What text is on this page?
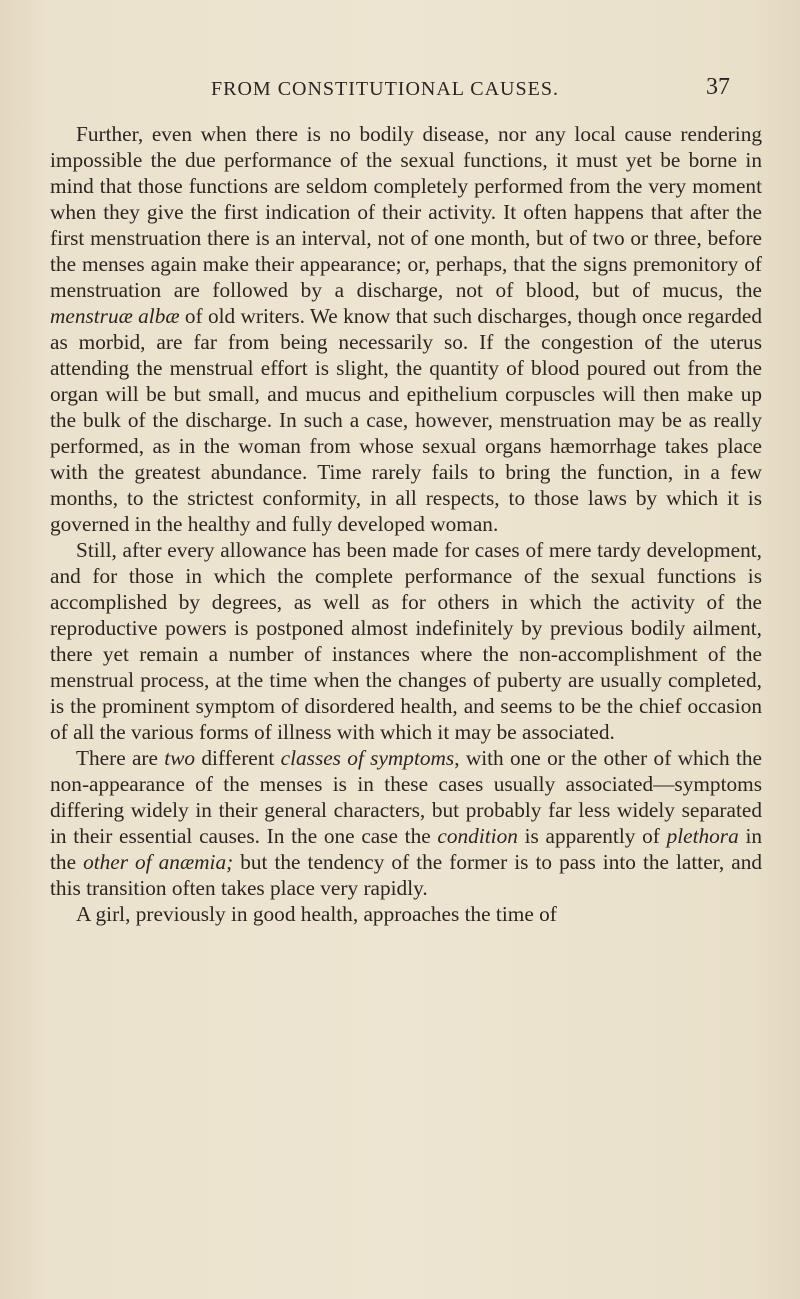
FROM CONSTITUTIONAL CAUSES.	37

Further, even when there is no bodily disease, nor any local cause rendering impossible the due performance of the sexual functions, it must yet be borne in mind that those functions are seldom completely performed from the very moment when they give the first indication of their activity. It often happens that after the first menstruation there is an interval, not of one month, but of two or three, before the menses again make their appearance; or, perhaps, that the signs premonitory of menstruation are followed by a discharge, not of blood, but of mucus, the menstruæ albæ of old writers. We know that such discharges, though once regarded as morbid, are far from being necessarily so. If the congestion of the uterus attending the menstrual effort is slight, the quantity of blood poured out from the organ will be but small, and mucus and epithelium corpuscles will then make up the bulk of the discharge. In such a case, however, menstruation may be as really performed, as in the woman from whose sexual organs hæmorrhage takes place with the greatest abundance. Time rarely fails to bring the function, in a few months, to the strictest conformity, in all respects, to those laws by which it is governed in the healthy and fully developed woman.

Still, after every allowance has been made for cases of mere tardy development, and for those in which the complete performance of the sexual functions is accomplished by degrees, as well as for others in which the activity of the reproductive powers is postponed almost indefinitely by previous bodily ailment, there yet remain a number of instances where the non-accomplishment of the menstrual process, at the time when the changes of puberty are usually completed, is the prominent symptom of disordered health, and seems to be the chief occasion of all the various forms of illness with which it may be associated.

There are two different classes of symptoms, with one or the other of which the non-appearance of the menses is in these cases usually associated—symptoms differing widely in their general characters, but probably far less widely separated in their essential causes. In the one case the condition is apparently of plethora in the other of anæmia; but the tendency of the former is to pass into the latter, and this transition often takes place very rapidly.

A girl, previously in good health, approaches the time of
